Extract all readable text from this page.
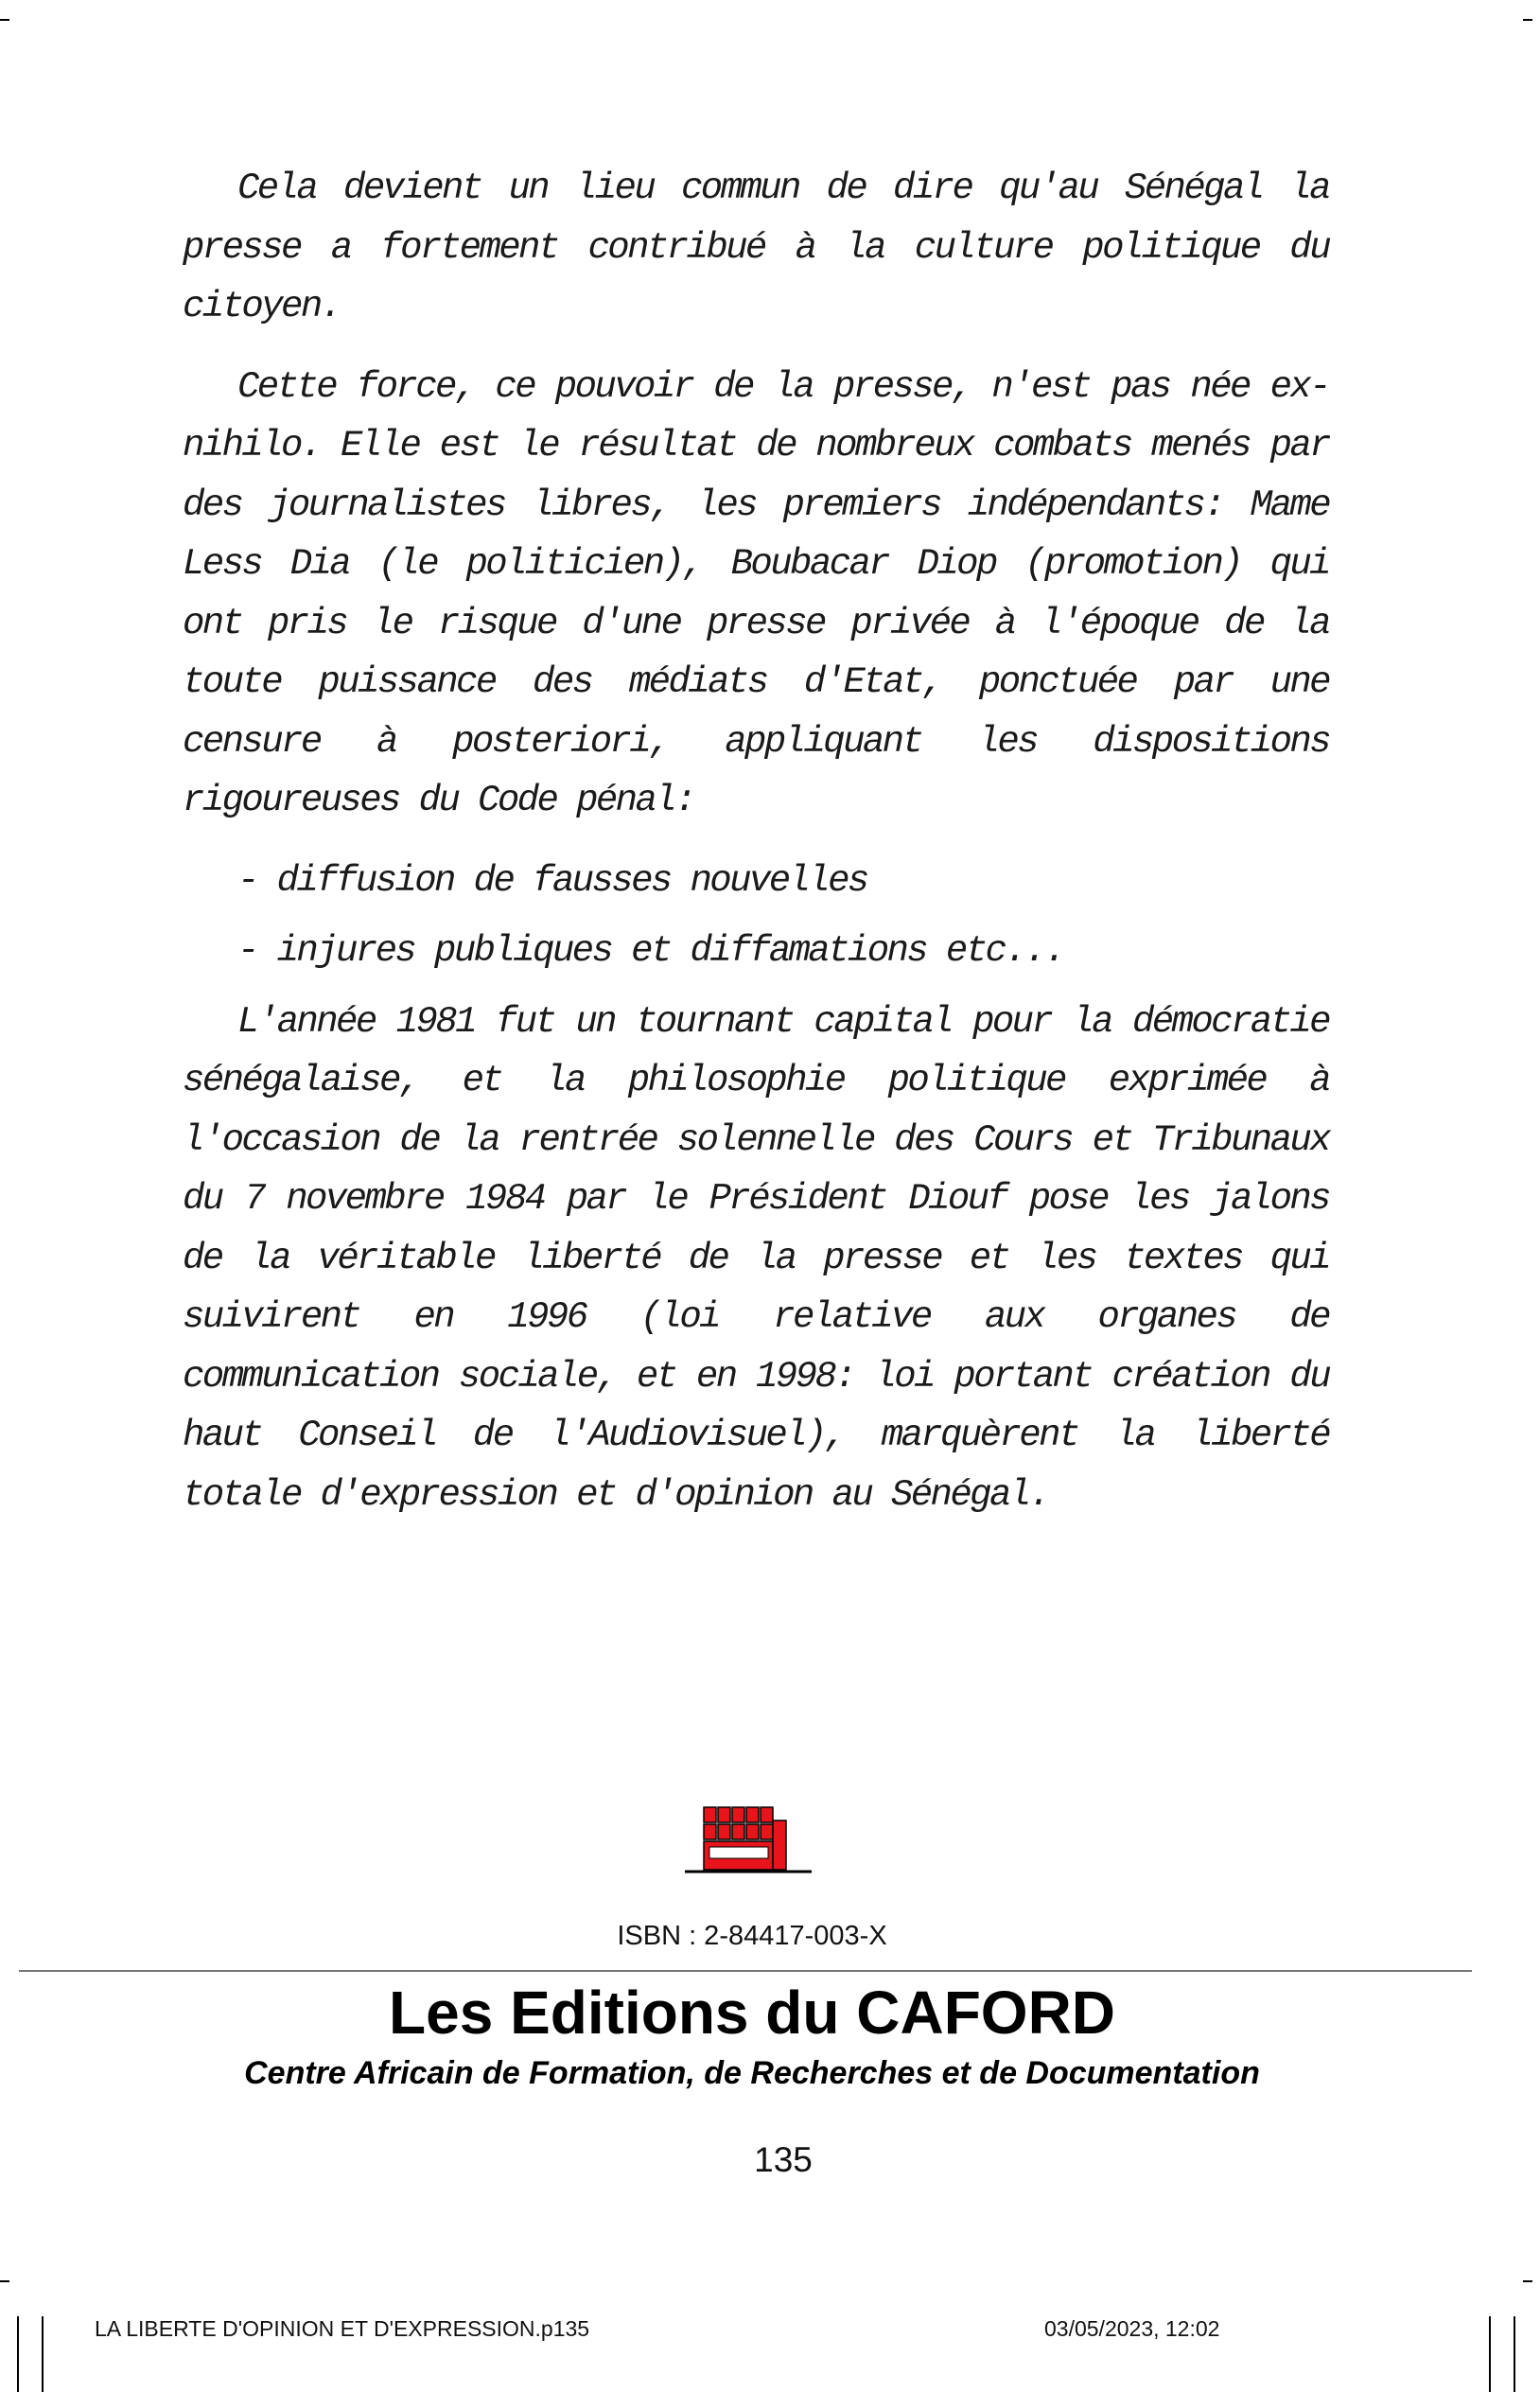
Cela devient un lieu commun de dire qu'au Sénégal la presse a fortement contribué à la culture politique du citoyen.

Cette force, ce pouvoir de la presse, n'est pas née ex-nihilo. Elle est le résultat de nombreux combats menés par des journalistes libres, les premiers indépendants: Mame Less Dia (le politicien), Boubacar Diop (promotion) qui ont pris le risque d'une presse privée à l'époque de la toute puissance des médiats d'Etat, ponctuée par une censure à posteriori, appliquant les dispositions rigoureuses du Code pénal:

- diffusion de fausses nouvelles

- injures publiques et diffamations etc...

L'année 1981 fut un tournant capital pour la démocratie sénégalaise, et la philosophie politique exprimée à l'occasion de la rentrée solennelle des Cours et Tribunaux du 7 novembre 1984 par le Président Diouf pose les jalons de la véritable liberté de la presse et les textes qui suivirent en 1996 (loi relative aux organes de communication sociale, et en 1998: loi portant création du haut Conseil de l'Audiovisuel), marquèrent la liberté totale d'expression et d'opinion au Sénégal.

ISBN : 2-84417-003-X
Les Editions du CAFORD
Centre Africain de Formation, de Recherches et de Documentation
135
LA LIBERTE D'OPINION ET D'EXPRESSION.p135	03/05/2023, 12:02
